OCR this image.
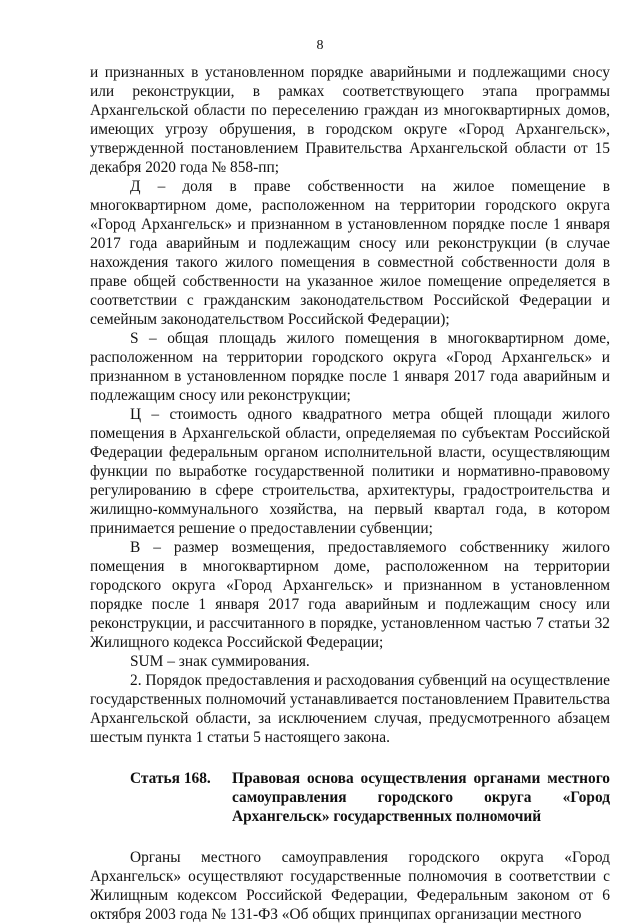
8

и признанных в установленном порядке аварийными и подлежащими сносу или реконструкции, в рамках соответствующего этапа программы Архангельской области по переселению граждан из многоквартирных домов, имеющих угрозу обрушения, в городском округе «Город Архангельск», утвержденной постановлением Правительства Архангельской области от 15 декабря 2020 года № 858-пп;

Д – доля в праве собственности на жилое помещение в многоквартирном доме, расположенном на территории городского округа «Город Архангельск» и признанном в установленном порядке после 1 января 2017 года аварийным и подлежащим сносу или реконструкции (в случае нахождения такого жилого помещения в совместной собственности доля в праве общей собственности на указанное жилое помещение определяется в соответствии с гражданским законодательством Российской Федерации и семейным законодательством Российской Федерации);

S – общая площадь жилого помещения в многоквартирном доме, расположенном на территории городского округа «Город Архангельск» и признанном в установленном порядке после 1 января 2017 года аварийным и подлежащим сносу или реконструкции;

Ц – стоимость одного квадратного метра общей площади жилого помещения в Архангельской области, определяемая по субъектам Российской Федерации федеральным органом исполнительной власти, осуществляющим функции по выработке государственной политики и нормативно-правовому регулированию в сфере строительства, архитектуры, градостроительства и жилищно-коммунального хозяйства, на первый квартал года, в котором принимается решение о предоставлении субвенции;

В – размер возмещения, предоставляемого собственнику жилого помещения в многоквартирном доме, расположенном на территории городского округа «Город Архангельск» и признанном в установленном порядке после 1 января 2017 года аварийным и подлежащим сносу или реконструкции, и рассчитанного в порядке, установленном частью 7 статьи 32 Жилищного кодекса Российской Федерации;

SUM – знак суммирования.

2. Порядок предоставления и расходования субвенций на осуществление государственных полномочий устанавливается постановлением Правительства Архангельской области, за исключением случая, предусмотренного абзацем шестым пункта 1 статьи 5 настоящего закона.

Статья 168.	Правовая основа осуществления органами местного самоуправления городского округа «Город Архангельск» государственных полномочий

Органы местного самоуправления городского округа «Город Архангельск» осуществляют государственные полномочия в соответствии с Жилищным кодексом Российской Федерации, Федеральным законом от 6 октября 2003 года № 131-ФЗ «Об общих принципах организации местного
